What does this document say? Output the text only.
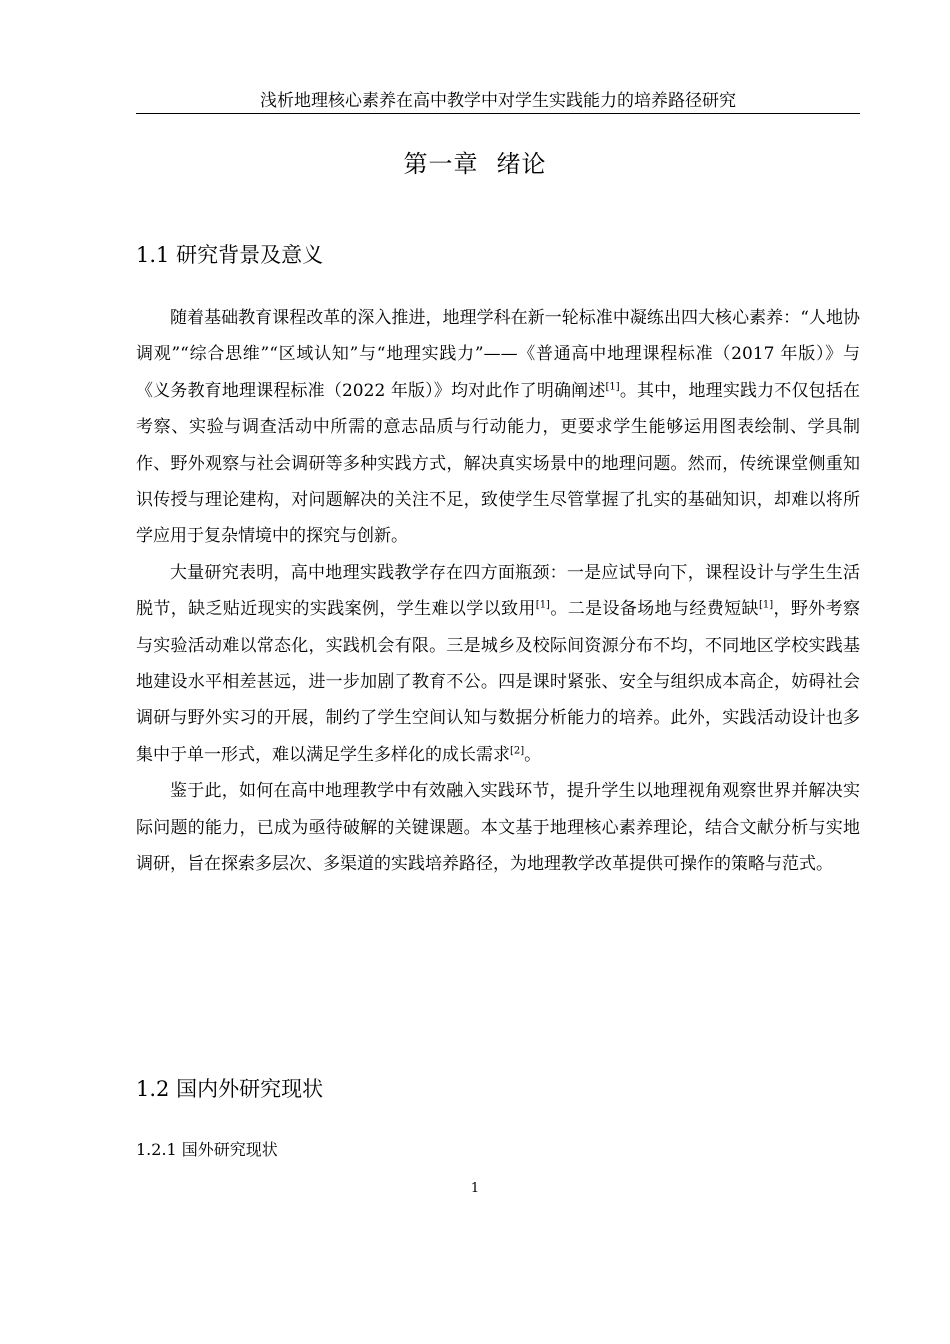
浅析地理核心素养在高中教学中对学生实践能力的培养路径研究
第一章 绪论
1.1 研究背景及意义

随着基础教育课程改革的深入推进，地理学科在新一轮标准中凝练出四大核心素养：“人地协调观”“综合思维”“区域认知”与“地理实践力”——《普通高中地理课程标准（2017 年版）》与《义务教育地理课程标准（2022 年版）》均对此作了明确阐述[1]。其中，地理实践力不仅包括在考察、实验与调查活动中所需的意志品质与行动能力，更要求学生能够运用图表绘制、学具制作、野外观察与社会调研等多种实践方式，解决真实场景中的地理问题。然而，传统课堂侧重知识传授与理论建构，对问题解决的关注不足，致使学生尽管掌握了扎实的基础知识，却难以将所学应用于复杂情境中的探究与创新。

大量研究表明，高中地理实践教学存在四方面瓶颈：一是应试导向下，课程设计与学生生活脱节，缺乏贴近现实的实践案例，学生难以学以致用[1]。二是设备场地与经费短缺[1]，野外考察与实验活动难以常态化，实践机会有限。三是城乡及校际间资源分布不均，不同地区学校实践基地建设水平相差甚远，进一步加剧了教育不公。四是课时紧张、安全与组织成本高企，妨碍社会调研与野外实习的开展，制约了学生空间认知与数据分析能力的培养。此外，实践活动设计也多集中于单一形式，难以满足学生多样化的成长需求[2]。

鉴于此，如何在高中地理教学中有效融入实践环节，提升学生以地理视角观察世界并解决实际问题的能力，已成为亟待破解的关键课题。本文基于地理核心素养理论，结合文献分析与实地调研，旨在探索多层次、多渠道的实践培养路径，为地理教学改革提供可操作的策略与范式。

1.2 国内外研究现状
1.2.1 国外研究现状
1
